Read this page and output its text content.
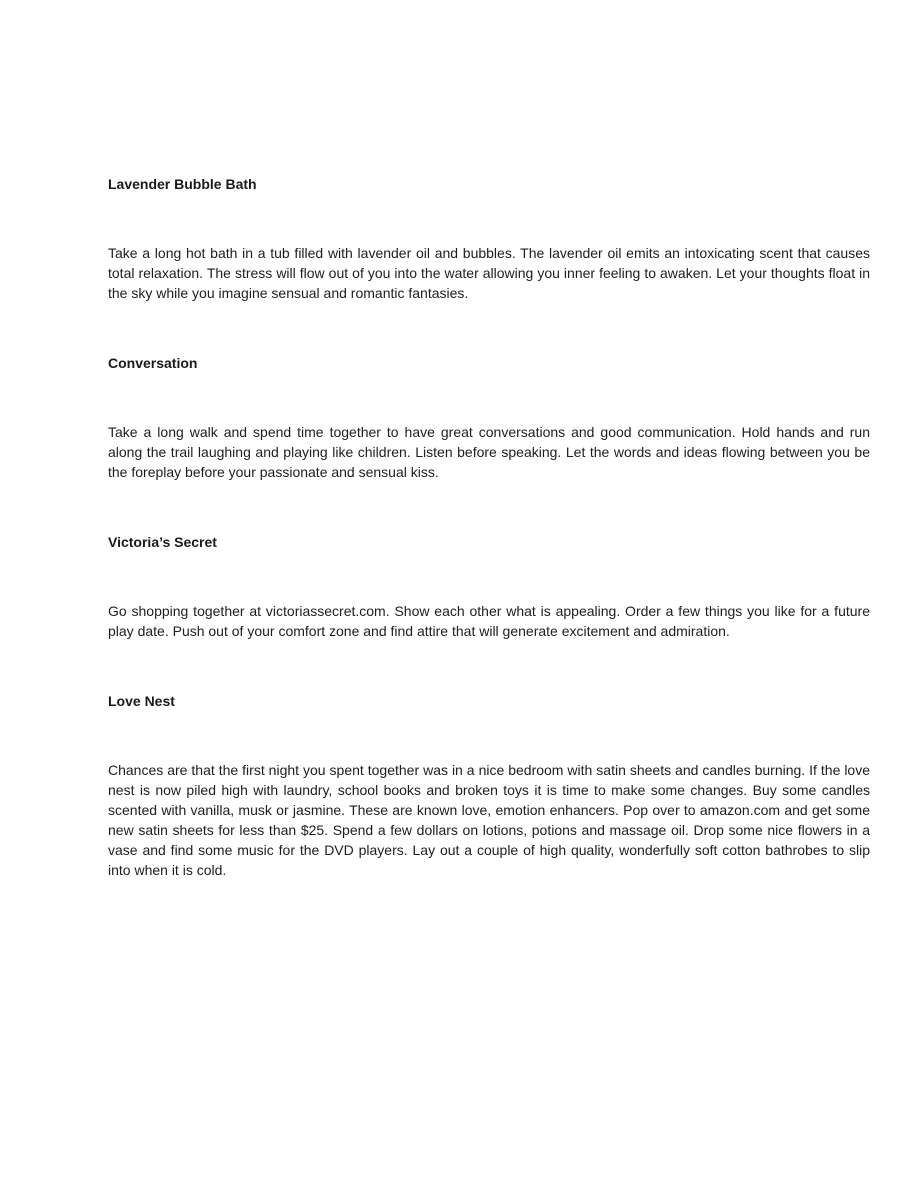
Lavender Bubble Bath

Take a long hot bath in a tub filled with lavender oil and bubbles. The lavender oil emits an intoxicating scent that causes total relaxation. The stress will flow out of you into the water allowing you inner feeling to awaken. Let your thoughts float in the sky while you imagine sensual and romantic fantasies.

Conversation

Take a long walk and spend time together to have great conversations and good communication. Hold hands and run along the trail laughing and playing like children. Listen before speaking. Let the words and ideas flowing between you be the foreplay before your passionate and sensual kiss.

Victoria’s Secret

Go shopping together at victoriassecret.com. Show each other what is appealing. Order a few things you like for a future play date. Push out of your comfort zone and find attire that will generate excitement and admiration.

Love Nest

Chances are that the first night you spent together was in a nice bedroom with satin sheets and candles burning. If the love nest is now piled high with laundry, school books and broken toys it is time to make some changes. Buy some candles scented with vanilla, musk or jasmine. These are known love, emotion enhancers. Pop over to amazon.com and get some new satin sheets for less than $25. Spend a few dollars on lotions, potions and massage oil. Drop some nice flowers in a vase and find some music for the DVD players. Lay out a couple of high quality, wonderfully soft cotton bathrobes to slip into when it is cold.
